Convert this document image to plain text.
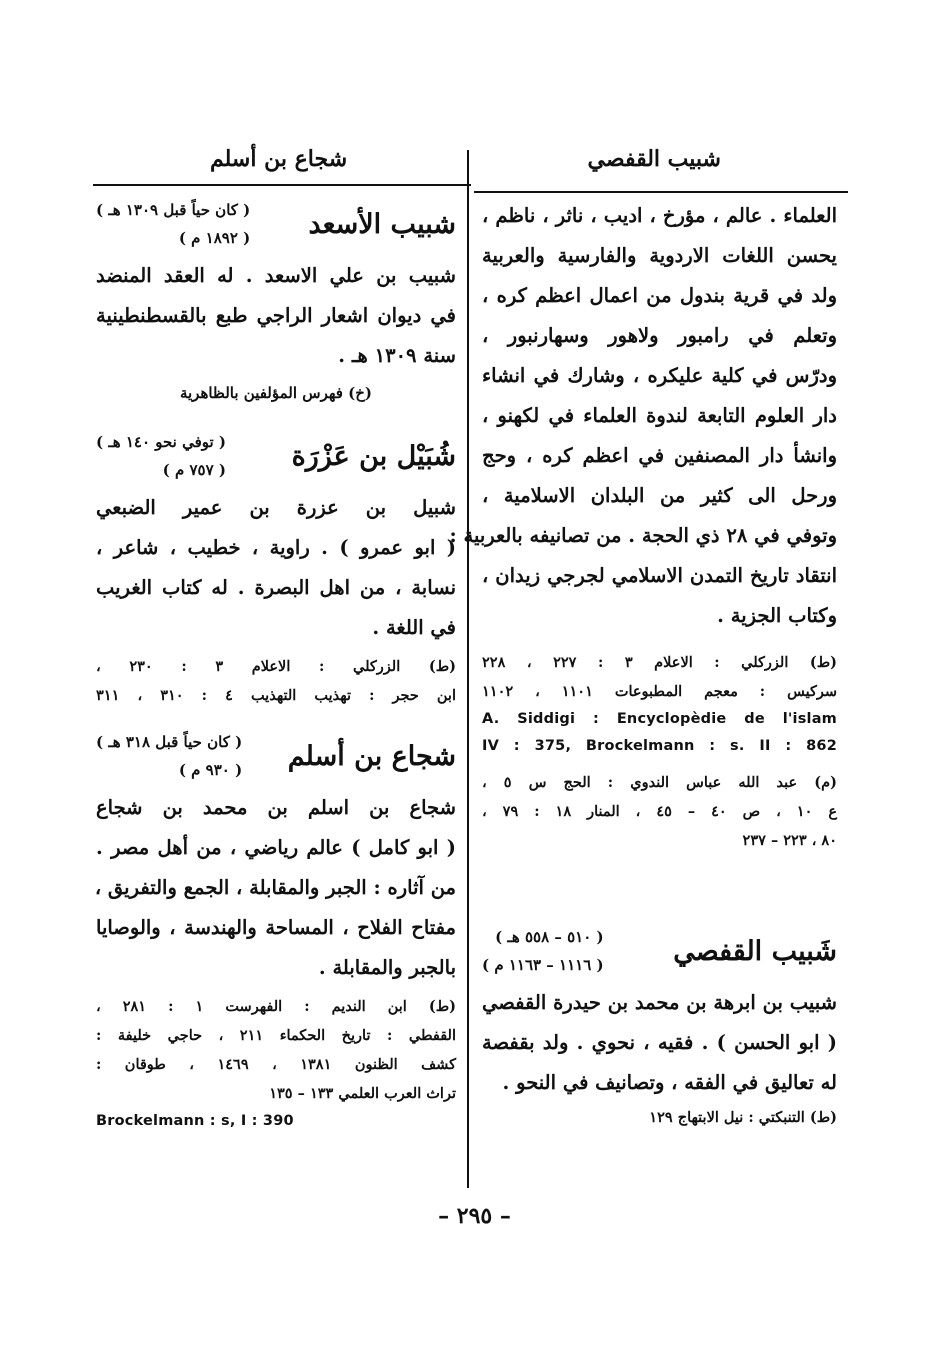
شبيب القفصي
شجاع بن أسلم
العلماء . عالم ، مؤرخ ، اديب ، ناثر ، ناظم ،
يحسن اللغات الاردوية والفارسية والعربية
ولد في قرية بندول من اعمال اعظم كره ،
وتعلم في رامبور ولاهور وسهارنبور ،
ودرّس في كلية عليكره ، وشارك في انشاء
دار العلوم التابعة لندوة العلماء في لكهنو ،
وانشأ دار المصنفين في اعظم كره ، وحج
ورحل الى كثير من البلدان الاسلامية ،
وتوفي في ٢٨ ذي الحجة . من تصانيفه بالعربية :
انتقاد تاريخ التمدن الاسلامي لجرجي زيدان ،
وكتاب الجزية .
(ط) الزركلي : الاعلام ٣ : ٢٢٧ ، ٢٢٨
سركيس : معجم المطبوعات ١١٠١ ، ١١٠٢
A. Siddigi : Encyclopèdie de l'islam
IV : 375, Brockelmann : s. II : 862
(م) عبد الله عباس الندوي : الحج س ٥ ،
ع ١٠ ، ص ٤٠ – ٤٥ ، المنار ١٨ : ٧٩ ،
٨٠ ، ٢٢٣ – ٢٣٧
شَبيب القفصي
( ٥١٠ – ٥٥٨ هـ )
( ١١١٦ – ١١٦٣ م )
شبيب بن ابرهة بن محمد بن حيدرة القفصي
( ابو الحسن ) . فقيه ، نحوي . ولد بقفصة
له تعاليق في الفقه ، وتصانيف في النحو .
(ط) التنبكتي : نيل الابتهاج ١٢٩
شبيب الأسعد
( كان حياً قبل ١٣٠٩ هـ )
( ١٨٩٢ م )
شبيب بن علي الاسعد . له العقد المنضد
في ديوان اشعار الراجي طبع بالقسطنطينية
سنة ١٣٠٩ هـ .
(خ) فهرس المؤلفين بالظاهرية
شُبَيْل بن عَزْرَة
( توفي نحو ١٤٠ هـ )
( ٧٥٧ م )
شبيل بن عزرة بن عمير الضبعي
( ابو عمرو ) . راوية ، خطيب ، شاعر ،
نسابة ، من اهل البصرة . له كتاب الغريب
في اللغة .
(ط) الزركلي : الاعلام ٣ : ٢٣٠ ،
ابن حجر : تهذيب التهذيب ٤ : ٣١٠ ، ٣١١
شجاع بن أسلم
( كان حياً قبل ٣١٨ هـ )
( ٩٣٠ م )
شجاع بن اسلم بن محمد بن شجاع
( ابو كامل ) عالم رياضي ، من أهل مصر .
من آثاره : الجبر والمقابلة ، الجمع والتفريق ،
مفتاح الفلاح ، المساحة والهندسة ، والوصايا
بالجبر والمقابلة .
(ط) ابن النديم : الفهرست ١ : ٢٨١ ،
القفطي : تاريخ الحكماء ٢١١ ، حاجي خليفة :
كشف الظنون ١٣٨١ ، ١٤٦٩ ، طوقان :
تراث العرب العلمي ١٣٣ – ١٣٥
Brockelmann : s, I : 390
– ٢٩٥ –
